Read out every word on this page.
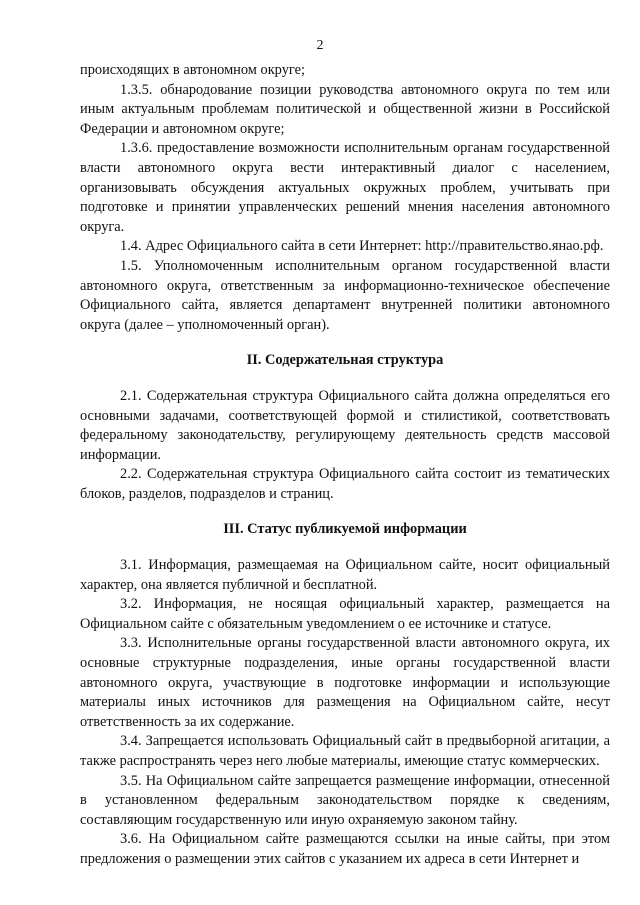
2

происходящих в автономном округе;

1.3.5. обнародование позиции руководства автономного округа по тем или иным актуальным проблемам политической и общественной жизни в Российской Федерации и автономном округе;

1.3.6. предоставление возможности исполнительным органам государственной власти автономного округа вести интерактивный диалог с населением, организовывать обсуждения актуальных окружных проблем, учитывать при подготовке и принятии управленческих решений мнения населения автономного округа.

1.4. Адрес Официального сайта в сети Интернет: http://правительство.янао.рф.

1.5. Уполномоченным исполнительным органом государственной власти автономного округа, ответственным за информационно-техническое обеспечение Официального сайта, является департамент внутренней политики автономного округа (далее – уполномоченный орган).

II. Содержательная структура

2.1. Содержательная структура Официального сайта должна определяться его основными задачами, соответствующей формой и стилистикой, соответствовать федеральному законодательству, регулирующему деятельность средств массовой информации.

2.2. Содержательная структура Официального сайта состоит из тематических блоков, разделов, подразделов и страниц.

III. Статус публикуемой информации

3.1. Информация, размещаемая на Официальном сайте, носит официальный характер, она является публичной и бесплатной.

3.2. Информация, не носящая официальный характер, размещается на Официальном сайте с обязательным уведомлением о ее источнике и статусе.

3.3. Исполнительные органы государственной власти автономного округа, их основные структурные подразделения, иные органы государственной власти автономного округа, участвующие в подготовке информации и использующие материалы иных источников для размещения на Официальном сайте, несут ответственность за их содержание.

3.4. Запрещается использовать Официальный сайт в предвыборной агитации, а также распространять через него любые материалы, имеющие статус коммерческих.

3.5. На Официальном сайте запрещается размещение информации, отнесенной в установленном федеральным законодательством порядке к сведениям, составляющим государственную или иную охраняемую законом тайну.

3.6. На Официальном сайте размещаются ссылки на иные сайты, при этом предложения о размещении этих сайтов с указанием их адреса в сети Интернет и
